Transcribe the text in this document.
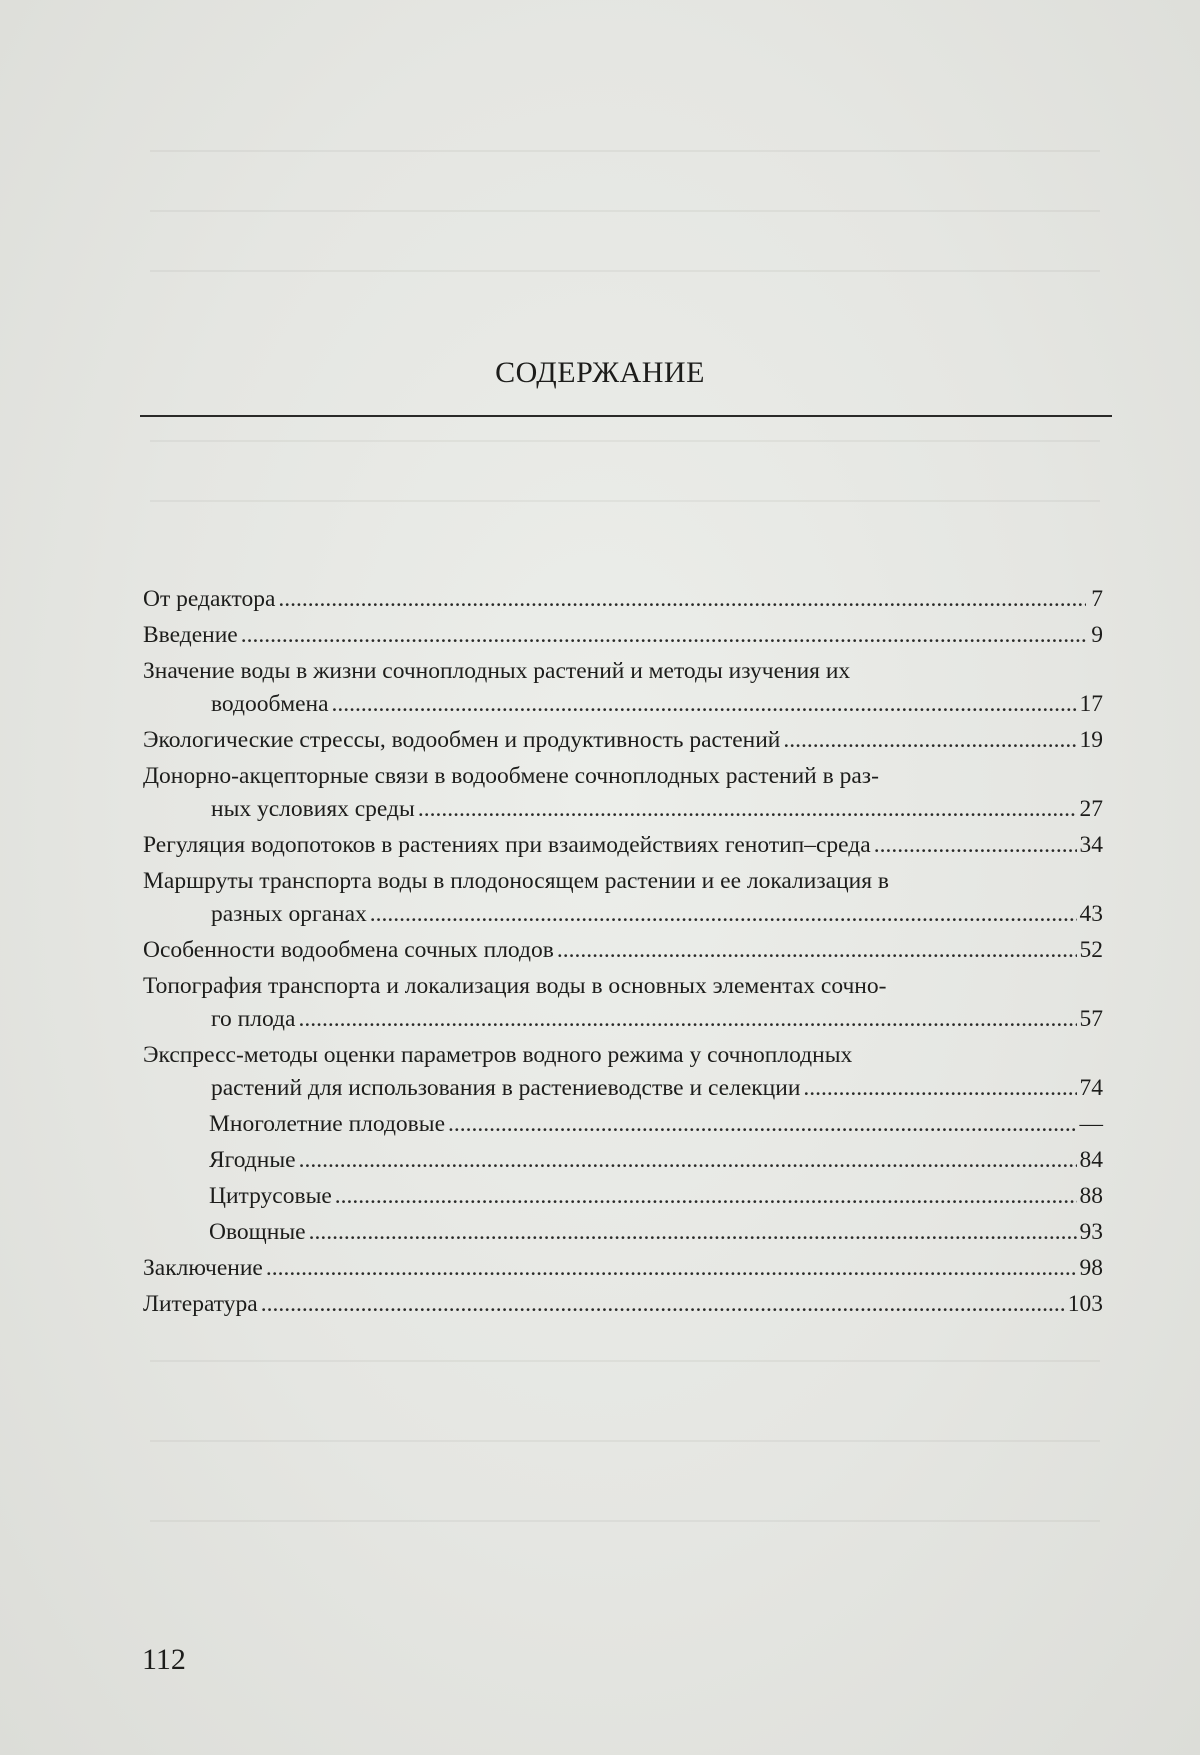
СОДЕРЖАНИЕ
От редактора .....	7
Введение .....	9
Значение воды в жизни сочноплодных растений и методы изучения их
водообмена .....	17
Экологические стрессы, водообмен и продуктивность растений .....	19
Донорно-акцепторные связи в водообмене сочноплодных растений в раз-
ных условиях среды .....	27
Регуляция водопотоков в растениях при взаимодействиях генотип–среда .....	34
Маршруты транспорта воды в плодоносящем растении и ее локализация в
разных органах .....	43
Особенности водообмена сочных плодов .....	52
Топография транспорта и локализация воды в основных элементах сочно-
го плода .....	57
Экспресс-методы оценки параметров водного режима у сочноплодных
растений для использования в растениеводстве и селекции .....	74
Многолетние плодовые .....	—
Ягодные .....	84
Цитрусовые .....	88
Овощные .....	93
Заключение .....	98
Литература .....	103
112
